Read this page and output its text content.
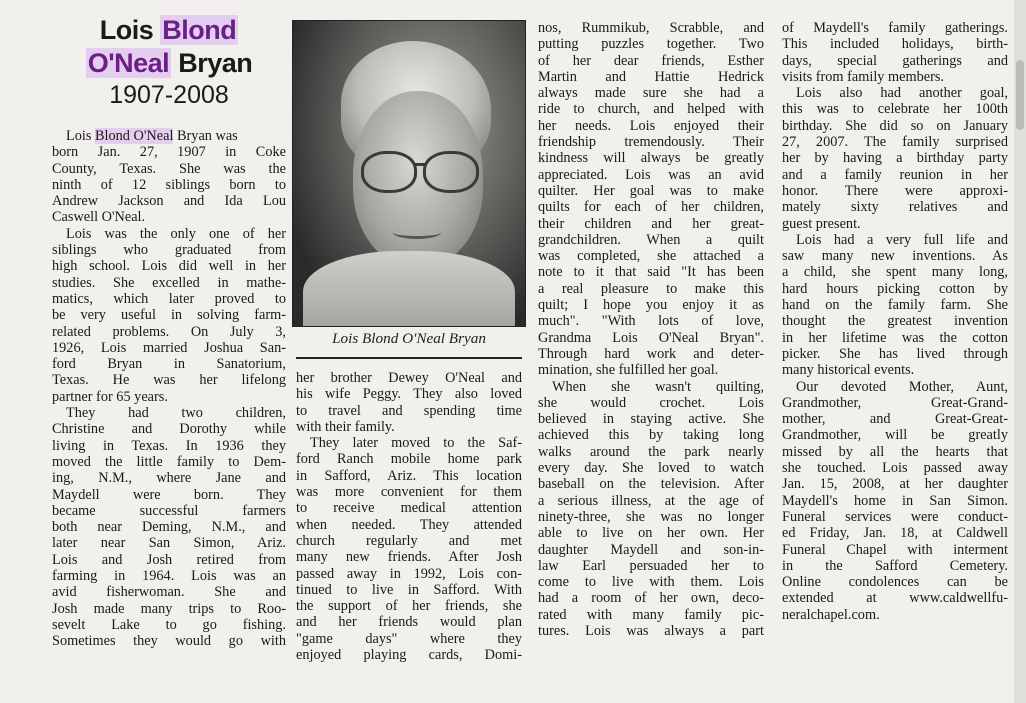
Lois Blond
O'Neal Bryan
1907-2008
Lois Blond O'Neal Bryan
Lois Blond O'Neal Bryan was
born Jan. 27, 1907 in Coke
County, Texas. She was the
ninth of 12 siblings born to
Andrew Jackson and Ida Lou
Caswell O'Neal.
Lois was the only one of her
siblings who graduated from
high school. Lois did well in her
studies. She excelled in mathe-
matics, which later proved to
be very useful in solving farm-
related problems. On July 3,
1926, Lois married Joshua San-
ford Bryan in Sanatorium,
Texas. He was her lifelong
partner for 65 years.
They had two children,
Christine and Dorothy while
living in Texas. In 1936 they
moved the little family to Dem-
ing, N.M., where Jane and
Maydell were born. They
became successful farmers
both near Deming, N.M., and
later near San Simon, Ariz.
Lois and Josh retired from
farming in 1964. Lois was an
avid fisherwoman. She and
Josh made many trips to Roo-
sevelt Lake to go fishing.
Sometimes they would go with
her brother Dewey O'Neal and
his wife Peggy. They also loved
to travel and spending time
with their family.
They later moved to the Saf-
ford Ranch mobile home park
in Safford, Ariz. This location
was more convenient for them
to receive medical attention
when needed. They attended
church regularly and met
many new friends. After Josh
passed away in 1992, Lois con-
tinued to live in Safford. With
the support of her friends, she
and her friends would plan
"game days" where they
enjoyed playing cards, Domi-
nos, Rummikub, Scrabble, and
putting puzzles together. Two
of her dear friends, Esther
Martin and Hattie Hedrick
always made sure she had a
ride to church, and helped with
her needs. Lois enjoyed their
friendship tremendously. Their
kindness will always be greatly
appreciated. Lois was an avid
quilter. Her goal was to make
quilts for each of her children,
their children and her great-
grandchildren. When a quilt
was completed, she attached a
note to it that said "It has been
a real pleasure to make this
quilt; I hope you enjoy it as
much". "With lots of love,
Grandma Lois O'Neal Bryan".
Through hard work and deter-
mination, she fulfilled her goal.
When she wasn't quilting,
she would crochet. Lois
believed in staying active. She
achieved this by taking long
walks around the park nearly
every day. She loved to watch
baseball on the television. After
a serious illness, at the age of
ninety-three, she was no longer
able to live on her own. Her
daughter Maydell and son-in-
law Earl persuaded her to
come to live with them. Lois
had a room of her own, deco-
rated with many family pic-
tures. Lois was always a part
of Maydell's family gatherings.
This included holidays, birth-
days, special gatherings and
visits from family members.
Lois also had another goal,
this was to celebrate her 100th
birthday. She did so on January
27, 2007. The family surprised
her by having a birthday party
and a family reunion in her
honor. There were approxi-
mately sixty relatives and
guest present.
Lois had a very full life and
saw many new inventions. As
a child, she spent many long,
hard hours picking cotton by
hand on the family farm. She
thought the greatest invention
in her lifetime was the cotton
picker. She has lived through
many historical events.
Our devoted Mother, Aunt,
Grandmother, Great-Grand-
mother, and Great-Great-
Grandmother, will be greatly
missed by all the hearts that
she touched. Lois passed away
Jan. 15, 2008, at her daughter
Maydell's home in San Simon.
Funeral services were conduct-
ed Friday, Jan. 18, at Caldwell
Funeral Chapel with interment
in the Safford Cemetery.
Online condolences can be
extended at www.caldwellfu-
neralchapel.com.
